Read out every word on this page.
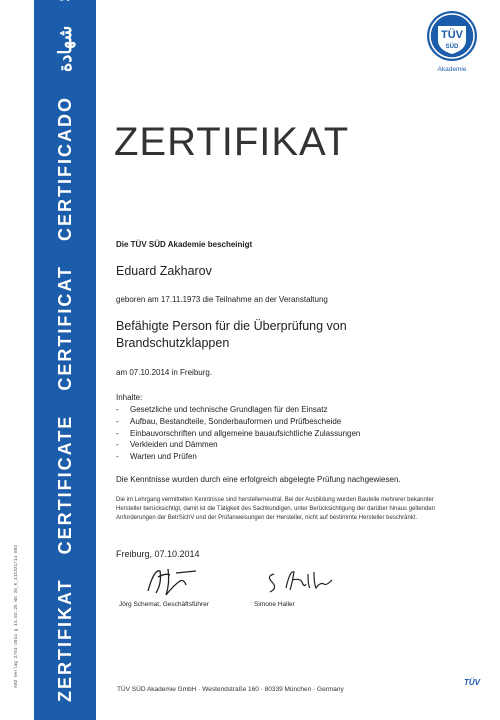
ZERTIFIKAT
CERTIFICATE
CERTIFICAT
CERTIFICADO
شهادة
AKD Verlag 2/01-2014 g 11.02.25 WS 35_K_411321/14 002
TÜV
SÜD
Akademie
ZERTIFIKAT
Die TÜV SÜD Akademie bescheinigt
Eduard Zakharov
geboren am 17.11.1973 die Teilnahme an der Veranstaltung
Befähigte Person für die Überprüfung von Brandschutzklappen
am 07.10.2014 in Freiburg.
Inhalte:
- Gesetzliche und technische Grundlagen für den Einsatz
- Aufbau, Bestandteile, Sonderbauformen und Prüfbescheide
- Einbauvorschriften und allgemeine bauaufsichtliche Zulassungen
- Verkleiden und Dämmen
- Warten und Prüfen
Die Kenntnisse wurden durch eine erfolgreich abgelegte Prüfung nachgewiesen.
Die im Lehrgang vermittelten Kenntnisse sind herstellerneutral. Bei der Ausbildung wurden Bauteile mehrerer bekannter Hersteller berücksichtigt, damit ist die Tätigkeit des Sachkundigen, unter Berücksichtigung der darüber hinaus geltenden Anforderungen der BetrSichV und der Prüfanweisungen der Hersteller, nicht auf bestimmte Hersteller beschränkt.
Freiburg, 07.10.2014
Jörg Schemat, Geschäftsführer	Simone Haller
TÜV SÜD Akademie GmbH · Westendstraße 160 · 80339 München · Germany
TÜV
